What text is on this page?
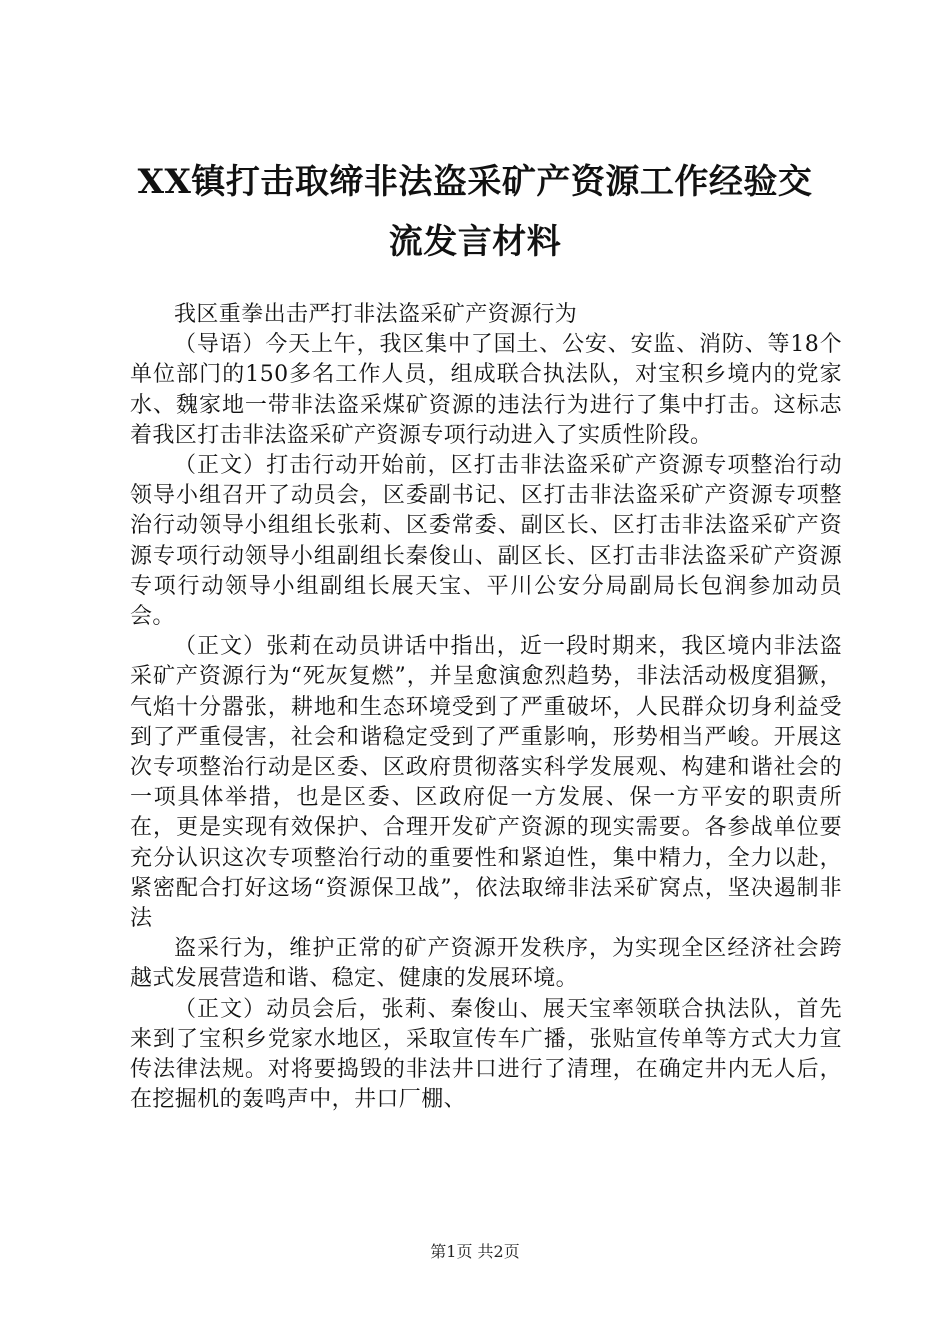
XX镇打击取缔非法盗采矿产资源工作经验交
流发言材料

我区重拳出击严打非法盗采矿产资源行为

（导语）今天上午，我区集中了国土、公安、安监、消防、等18个单位部门的150多名工作人员，组成联合执法队，对宝积乡境内的党家水、魏家地一带非法盗采煤矿资源的违法行为进行了集中打击。这标志着我区打击非法盗采矿产资源专项行动进入了实质性阶段。

（正文）打击行动开始前，区打击非法盗采矿产资源专项整治行动领导小组召开了动员会，区委副书记、区打击非法盗采矿产资源专项整治行动领导小组组长张莉、区委常委、副区长、区打击非法盗采矿产资源专项行动领导小组副组长秦俊山、副区长、区打击非法盗采矿产资源专项行动领导小组副组长展天宝、平川公安分局副局长包润参加动员会。

（正文）张莉在动员讲话中指出，近一段时期来，我区境内非法盗采矿产资源行为“死灰复燃”，并呈愈演愈烈趋势，非法活动极度猖獗，气焰十分嚣张，耕地和生态环境受到了严重破坏，人民群众切身利益受到了严重侵害，社会和谐稳定受到了严重影响，形势相当严峻。开展这次专项整治行动是区委、区政府贯彻落实科学发展观、构建和谐社会的一项具体举措，也是区委、区政府促一方发展、保一方平安的职责所在，更是实现有效保护、合理开发矿产资源的现实需要。各参战单位要充分认识这次专项整治行动的重要性和紧迫性，集中精力，全力以赴，紧密配合打好这场“资源保卫战”，依法取缔非法采矿窝点，坚决遏制非法

盗采行为，维护正常的矿产资源开发秩序，为实现全区经济社会跨越式发展营造和谐、稳定、健康的发展环境。

（正文）动员会后，张莉、秦俊山、展天宝率领联合执法队，首先来到了宝积乡党家水地区，采取宣传车广播，张贴宣传单等方式大力宣传法律法规。对将要捣毁的非法井口进行了清理，在确定井内无人后，在挖掘机的轰鸣声中，井口厂棚、

第1页 共2页
